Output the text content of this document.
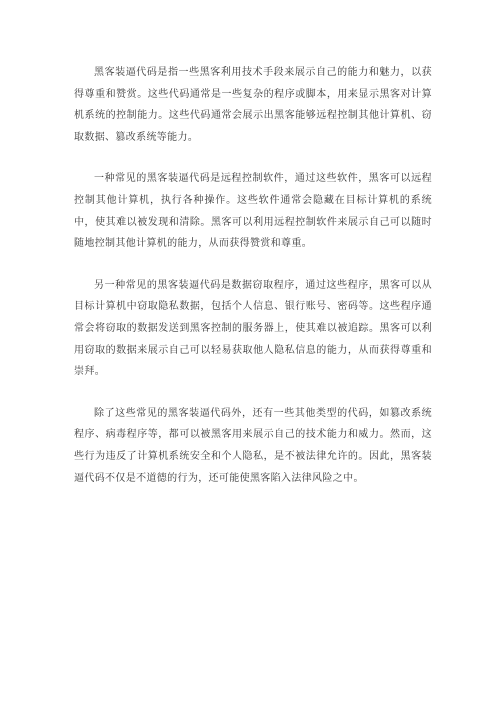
黑客装逼代码是指一些黑客利用技术手段来展示自己的能力和魅力，以获得尊重和赞赏。这些代码通常是一些复杂的程序或脚本，用来显示黑客对计算机系统的控制能力。这些代码通常会展示出黑客能够远程控制其他计算机、窃取数据、篡改系统等能力。

一种常见的黑客装逼代码是远程控制软件，通过这些软件，黑客可以远程控制其他计算机，执行各种操作。这些软件通常会隐藏在目标计算机的系统中，使其难以被发现和清除。黑客可以利用远程控制软件来展示自己可以随时随地控制其他计算机的能力，从而获得赞赏和尊重。

另一种常见的黑客装逼代码是数据窃取程序，通过这些程序，黑客可以从目标计算机中窃取隐私数据，包括个人信息、银行账号、密码等。这些程序通常会将窃取的数据发送到黑客控制的服务器上，使其难以被追踪。黑客可以利用窃取的数据来展示自己可以轻易获取他人隐私信息的能力，从而获得尊重和崇拜。

除了这些常见的黑客装逼代码外，还有一些其他类型的代码，如篡改系统程序、病毒程序等，都可以被黑客用来展示自己的技术能力和威力。然而，这些行为违反了计算机系统安全和个人隐私，是不被法律允许的。因此，黑客装逼代码不仅是不道德的行为，还可能使黑客陷入法律风险之中。
